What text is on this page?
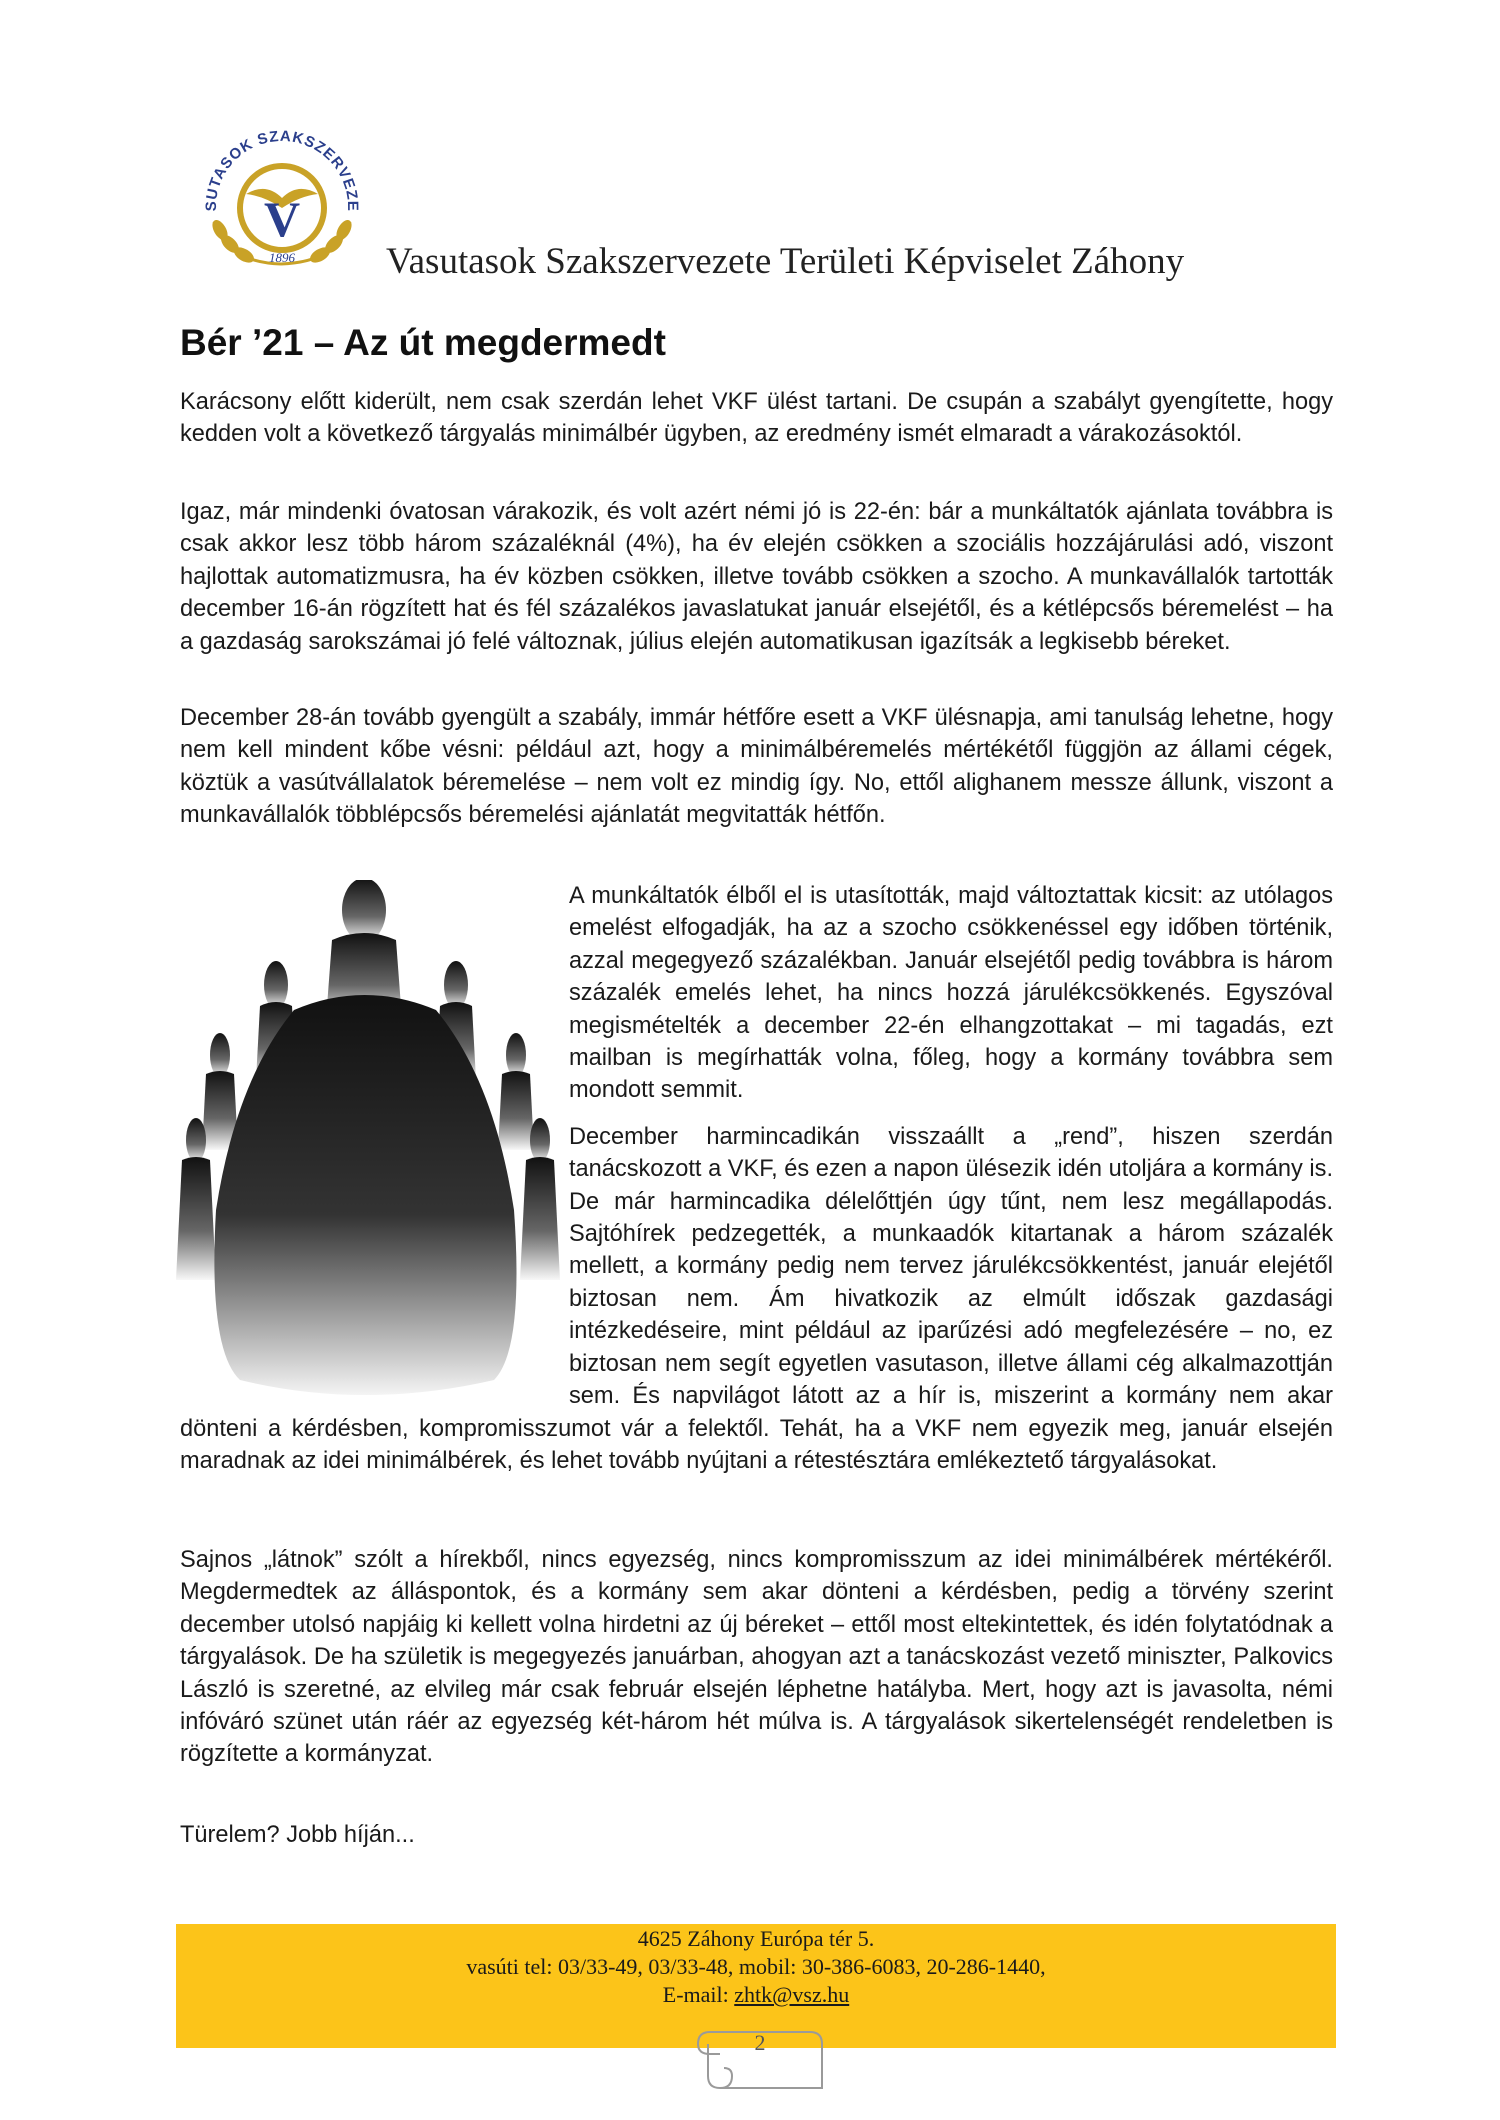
SUTASOK SZAKSZERVEZE
V
1896 Vasutasok Szakszervezete Területi Képviselet Záhony
Bér ’21 – Az út megdermedt

Karácsony előtt kiderült, nem csak szerdán lehet VKF ülést tartani. De csupán a szabályt gyengítette, hogy kedden volt a következő tárgyalás minimálbér ügyben, az eredmény ismét elmaradt a várakozásoktól.

Igaz, már mindenki óvatosan várakozik, és volt azért némi jó is 22-én: bár a munkáltatók ajánlata továbbra is csak akkor lesz több három százaléknál (4%), ha év elején csökken a szociális hozzájárulási adó, viszont hajlottak automatizmusra, ha év közben csökken, illetve tovább csökken a szocho. A munkavállalók tartották december 16-án rögzített hat és fél százalékos javaslatukat január elsejétől, és a kétlépcsős béremelést – ha a gazdaság sarokszámai jó felé változnak, július elején automatikusan igazítsák a legkisebb béreket.

December 28-án tovább gyengült a szabály, immár hétfőre esett a VKF ülésnapja, ami tanulság lehetne, hogy nem kell mindent kőbe vésni: például azt, hogy a minimálbéremelés mértékétől függjön az állami cégek, köztük a vasútvállalatok béremelése – nem volt ez mindig így. No, ettől alighanem messze állunk, viszont a munkavállalók többlépcsős béremelési ajánlatát megvitatták hétfőn.

A munkáltatók élből el is utasították, majd változtattak kicsit: az utólagos emelést elfogadják, ha az a szocho csökkenéssel egy időben történik, azzal megegyező százalékban. Január elsejétől pedig továbbra is három százalék emelés lehet, ha nincs hozzá járulékcsökkenés. Egyszóval megismételték a december 22-én elhangzottakat – mi tagadás, ezt mailban is megírhatták volna, főleg, hogy a kormány továbbra sem mondott semmit.

December harmincadikán visszaállt a „rend”, hiszen szerdán tanácskozott a VKF, és ezen a napon ülésezik idén utoljára a kormány is. De már harmincadika délelőttjén úgy tűnt, nem lesz megállapodás. Sajtóhírek pedzegették, a munkaadók kitartanak a három százalék mellett, a kormány pedig nem tervez járulékcsökkentést, január elejétől biztosan nem. Ám hivatkozik az elmúlt időszak gazdasági intézkedéseire, mint például az iparűzési adó megfelezésére – no, ez biztosan nem segít egyetlen vasutason, illetve állami cég alkalmazottján sem. És napvilágot látott az a hír is, miszerint a kormány nem akar dönteni a kérdésben, kompromisszumot vár a felektől. Tehát, ha a VKF nem egyezik meg, január elsején maradnak az idei minimálbérek, és lehet tovább nyújtani a rétestésztára emlékeztető tárgyalásokat.

Sajnos „látnok” szólt a hírekből, nincs egyezség, nincs kompromisszum az idei minimálbérek mértékéről. Megdermedtek az álláspontok, és a kormány sem akar dönteni a kérdésben, pedig a törvény szerint december utolsó napjáig ki kellett volna hirdetni az új béreket – ettől most eltekintettek, és idén folytatódnak a tárgyalások. De ha születik is megegyezés januárban, ahogyan azt a tanácskozást vezető miniszter, Palkovics László is szeretné, az elvileg már csak február elsején léphetne hatályba. Mert, hogy azt is javasolta, némi infóváró szünet után ráér az egyezség két-három hét múlva is. A tárgyalások sikertelenségét rendeletben is rögzítette a kormányzat.

Türelem? Jobb híján...

4625 Záhony Európa tér 5.
vasúti tel: 03/33-49, 03/33-48, mobil: 30-386-6083, 20-286-1440,
E-mail: zhtk@vsz.hu
2
